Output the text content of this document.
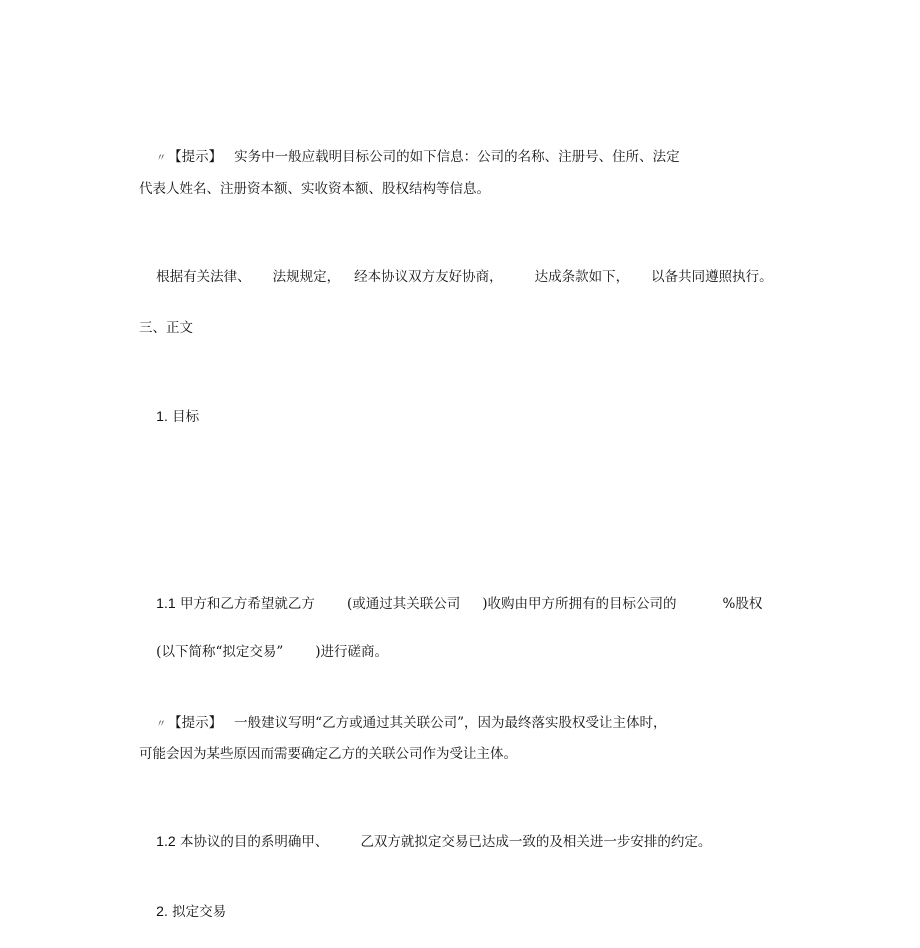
〃 【提示】 实务中一般应载明目标公司的如下信息：公司的名称、注册号、住所、法定

代表人姓名、注册资本额、实收资本额、股权结构等信息。

根据有关法律、 法规规定， 经本协议双方友好协商， 达成条款如下， 以备共同遵照执行。

三、正文

1. 目标

1.1 甲方和乙方希望就乙方 (或通过其关联公司 )收购由甲方所拥有的目标公司的	%股权

(以下简称“拟定交易” )进行磋商。

〃 【提示】 一般建议写明“乙方或通过其关联公司”，因为最终落实股权受让主体时，

可能会因为某些原因而需要确定乙方的关联公司作为受让主体。

1.2 本协议的目的系明确甲、 乙双方就拟定交易已达成一致的及相关进一步安排的约定。

2. 拟定交易
